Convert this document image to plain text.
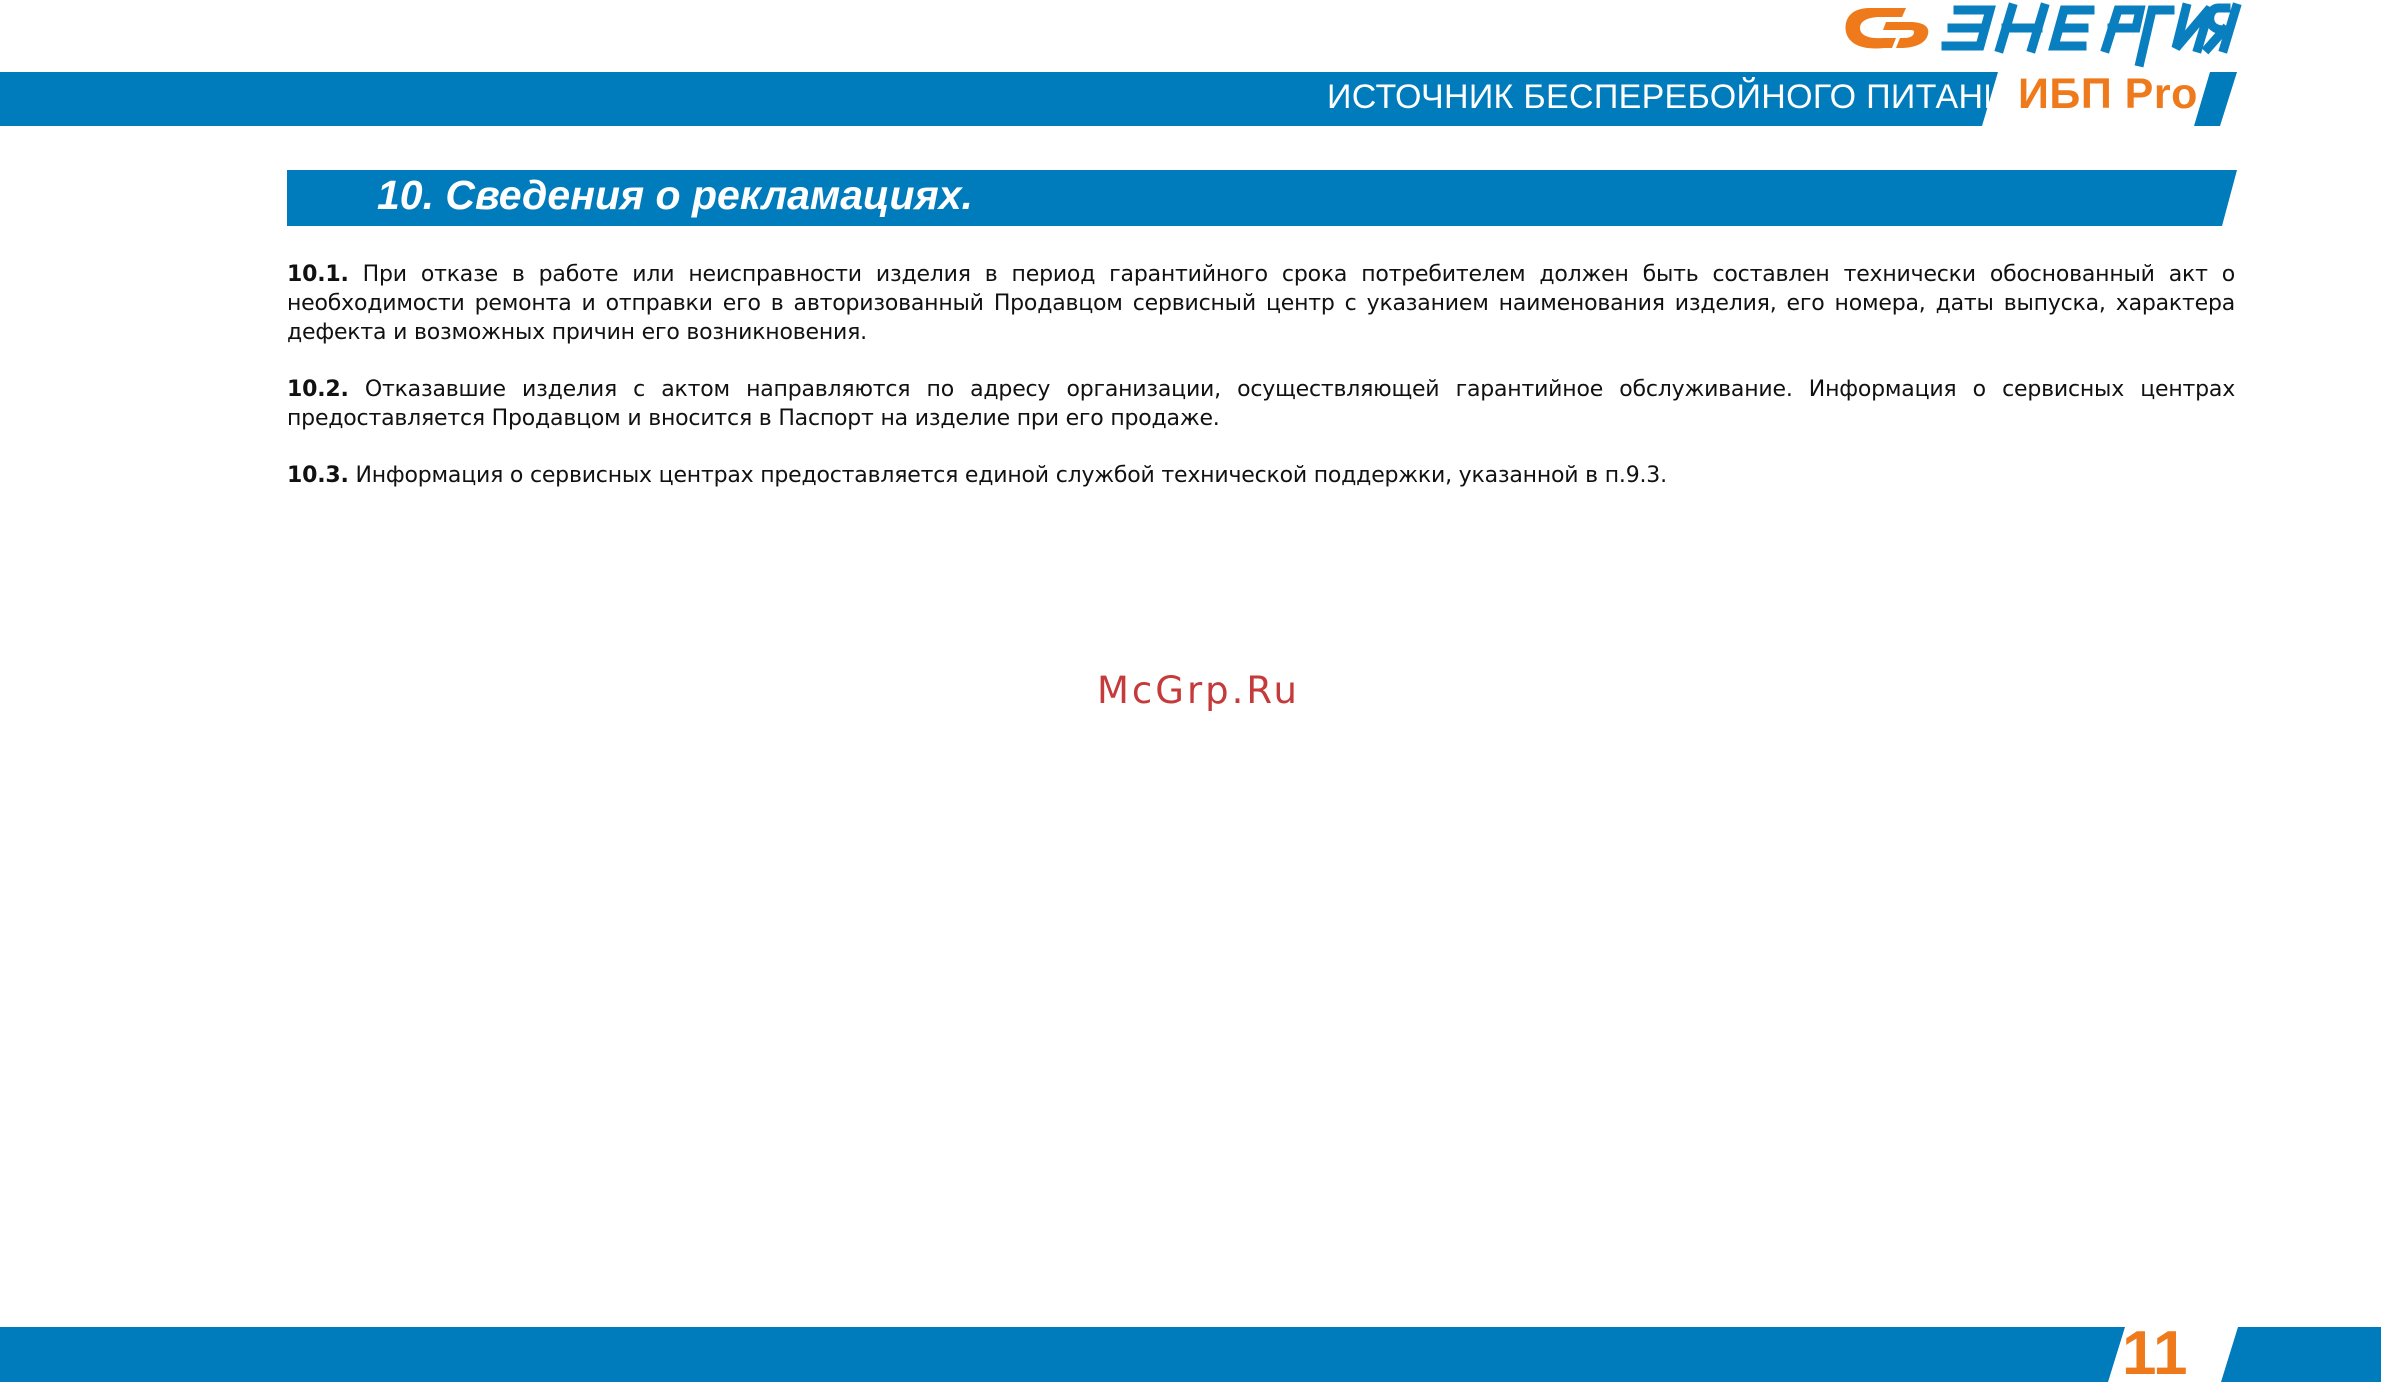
ИСТОЧНИК БЕСПЕРЕБОЙНОГО ПИТАНИЯ
ИБП Pro
10. Сведения о рекламациях.

10.1. При отказе в работе или неисправности изделия в период гарантийного срока потребителем должен быть составлен технически обоснованный акт о необходимости ремонта и отправки его в авторизованный Продавцом сервисный центр с указанием наименования изделия, его номера, даты выпуска, характера дефекта и возможных причин его возникновения.

10.2. Отказавшие изделия с актом направляются по адресу организации, осуществляющей гарантийное обслуживание. Информация о сервисных центрах предоставляется Продавцом и вносится в Паспорт на изделие при его продаже.

10.3. Информация о сервисных центрах предоставляется единой службой технической поддержки, указанной в п.9.3.

McGrp.Ru
11
